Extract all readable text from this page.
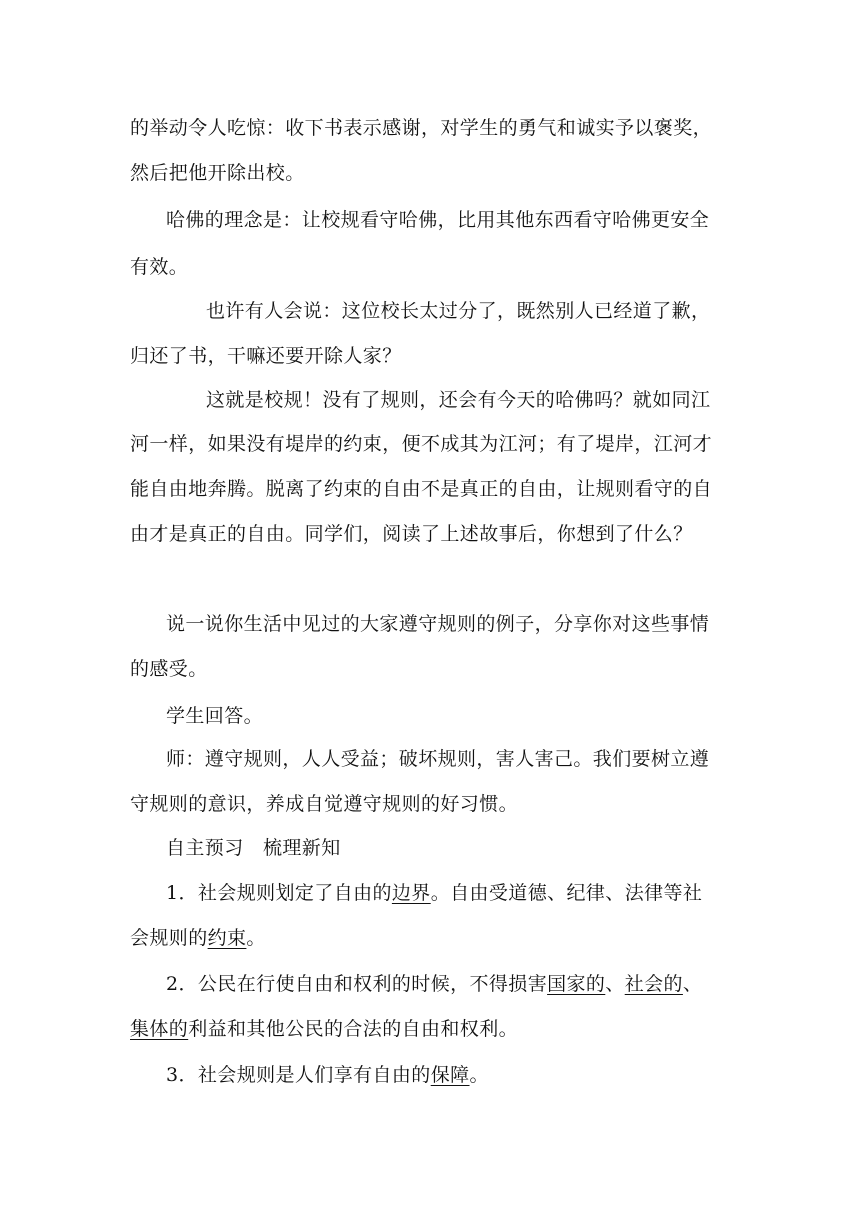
的举动令人吃惊：收下书表示感谢，对学生的勇气和诚实予以褒奖，
然后把他开除出校。
哈佛的理念是：让校规看守哈佛，比用其他东西看守哈佛更安全
有效。
也许有人会说：这位校长太过分了，既然别人已经道了歉，
归还了书，干嘛还要开除人家？
这就是校规！没有了规则，还会有今天的哈佛吗？就如同江
河一样，如果没有堤岸的约束，便不成其为江河；有了堤岸，江河才
能自由地奔腾。脱离了约束的自由不是真正的自由，让规则看守的自
由才是真正的自由。同学们，阅读了上述故事后，你想到了什么？
说一说你生活中见过的大家遵守规则的例子，分享你对这些事情
的感受。
学生回答。
师：遵守规则，人人受益；破坏规则，害人害己。我们要树立遵
守规则的意识，养成自觉遵守规则的好习惯。
自主预习　梳理新知
1．社会规则划定了自由的边界。自由受道德、纪律、法律等社
会规则的约束。
2．公民在行使自由和权利的时候，不得损害国家的、社会的、
集体的利益和其他公民的合法的自由和权利。
3．社会规则是人们享有自由的保障。
